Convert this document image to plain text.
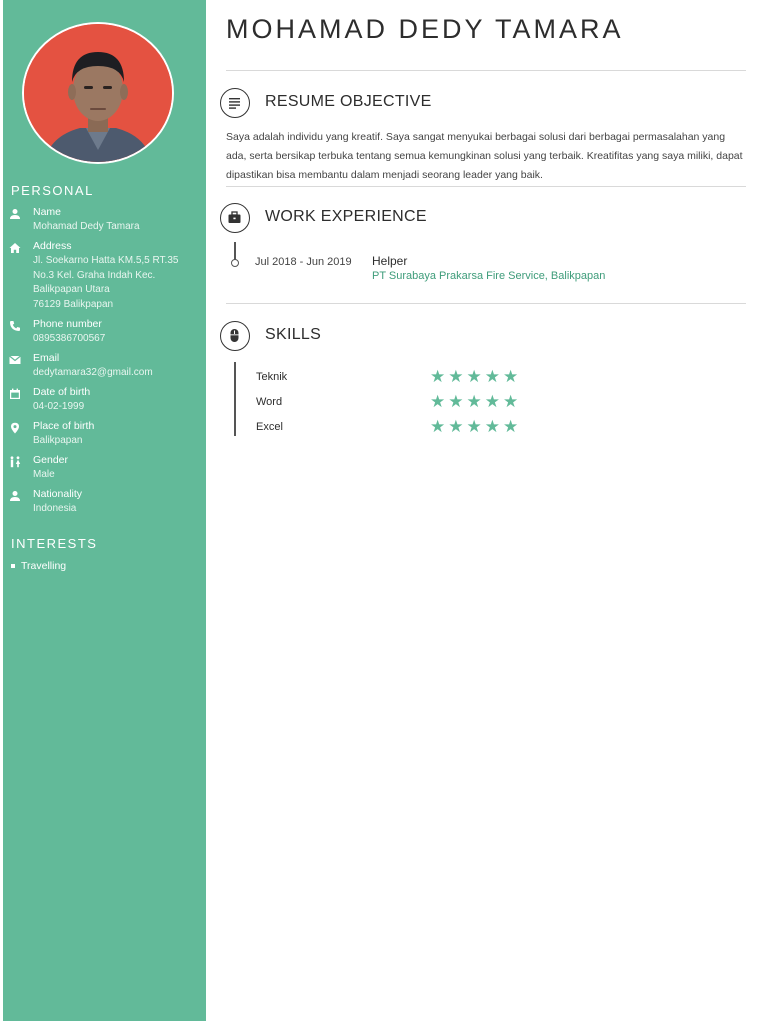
PERSONAL
Name
Mohamad Dedy Tamara
Address
Jl. Soekarno Hatta KM.5,5 RT.35
No.3 Kel. Graha Indah Kec.
Balikpapan Utara
76129 Balikpapan
Phone number
0895386700567
Email
dedytamara32@gmail.com
Date of birth
04-02-1999
Place of birth
Balikpapan
Gender
Male
Nationality
Indonesia
INTERESTS
Travelling
MOHAMAD DEDY TAMARA
RESUME OBJECTIVE

Saya adalah individu yang kreatif. Saya sangat menyukai berbagai solusi dari berbagai permasalahan yang ada, serta bersikap terbuka tentang semua kemungkinan solusi yang terbaik. Kreatifitas yang saya miliki, dapat dipastikan bisa membantu dalam menjadi seorang leader yang baik.

WORK EXPERIENCE
Jul 2018 - Jun 2019 Helper
PT Surabaya Prakarsa Fire Service, Balikpapan
SKILLS
Teknik	★★★★★
Word	★★★★★
Excel	★★★★★
